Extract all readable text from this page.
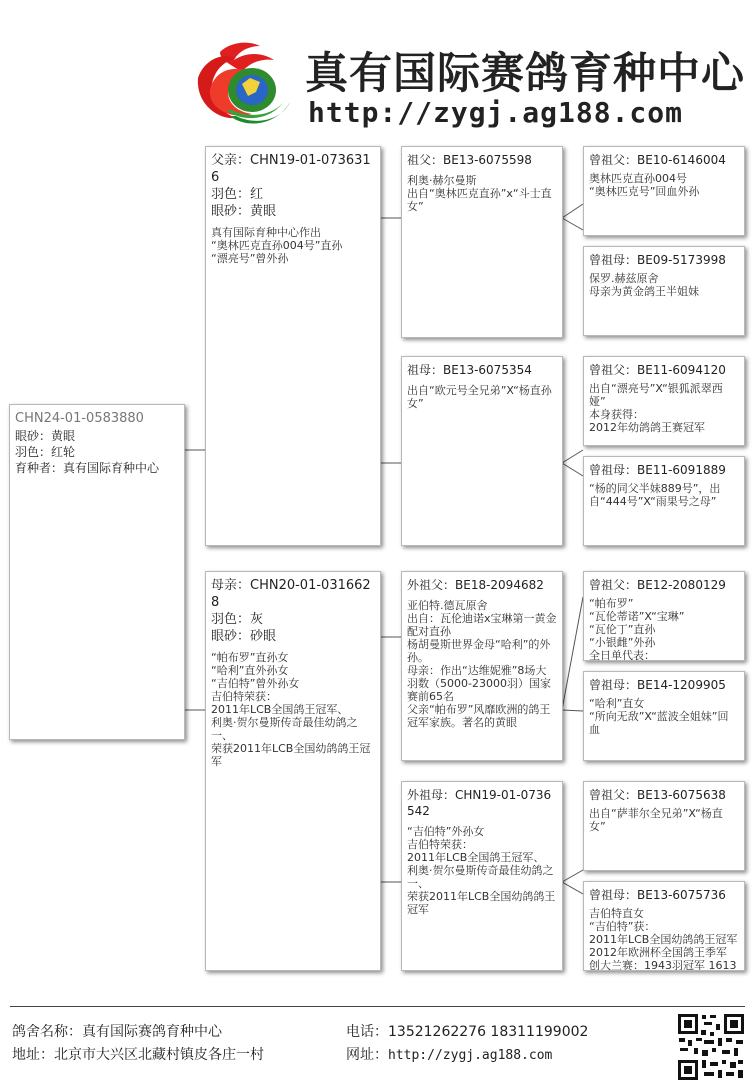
真有国际赛鸽育种中心
http://zygj.ag188.com
CHN24-01-0583880
眼砂：黄眼
羽色：红轮
育种者：真有国际育种中心
父亲：CHN19-01-0736316
羽色：红
眼砂：黄眼
真有国际育种中心作出
“奥林匹克直孙004号”直孙
“漂亮号”曾外孙
母亲：CHN20-01-0316628
羽色：灰
眼砂：砂眼
“帕布罗”直孙女
“哈利”直外孙女
“吉伯特”曾外孙女
吉伯特荣获：
2011年LCB全国鸽王冠军、
利奥·贺尔曼斯传奇最佳幼鸽之一、
荣获2011年LCB全国幼鸽鸽王冠军
祖父：BE13-6075598
利奥·赫尔曼斯
出自“奥林匹克直孙”x“斗士直女”
祖母：BE13-6075354
出自“欧元号全兄弟”X“杨直孙女”
外祖父：BE18-2094682
亚伯特.德瓦原舍
出自：瓦伦迪诺x宝琳第一黄金配对直孙
杨胡曼斯世界金母“哈利”的外孙。
母亲：作出“达维妮雅”8场大羽数（5000-23000羽）国家赛前65名
父亲“帕布罗”风靡欧洲的鸽王冠军家族。著名的黄眼
外祖母：CHN19-01-0736542
“吉伯特”外孙女
吉伯特荣获：
2011年LCB全国鸽王冠军、
利奥·贺尔曼斯传奇最佳幼鸽之一、
荣获2011年LCB全国幼鸽鸽王冠军
曾祖父：BE10-6146004
奥林匹克直孙004号
“奥林匹克号”回血外孙
曾祖母：BE09-5173998
保罗.赫兹原舍
母亲为黄金鸽王半姐妹
曾祖父：BE11-6094120
出自“漂亮号”X“银狐派翠西娅”
本身获得：
2012年幼鸽鸽王赛冠军
曾祖母：BE11-6091889
“杨的同父半妹889号”，出自“444号”X“雨果号之母”
曾祖父：BE12-2080129
“帕布罗”
“瓦伦蒂诺”X“宝琳”
“瓦伦丁”直孙
“小银雌”外孙
全日单代表：
曾祖母：BE14-1209905
“哈利”直女
“所向无敌”X“蓝波全姐妹”回血
曾祖父：BE13-6075638
出自“萨菲尔全兄弟”X“杨直女”
曾祖母：BE13-6075736
吉伯特直女
“吉伯特”获：
2011年LCB全国幼鸽鸽王冠军
2012年欧洲杯全国鸽王季军
创大兰赛：1943羽冠军 1613
鸽舍名称：真有国际赛鸽育种中心
地址：北京市大兴区北藏村镇皮各庄一村
电话：13521262276 18311199002
网址：http://zygj.ag188.com
